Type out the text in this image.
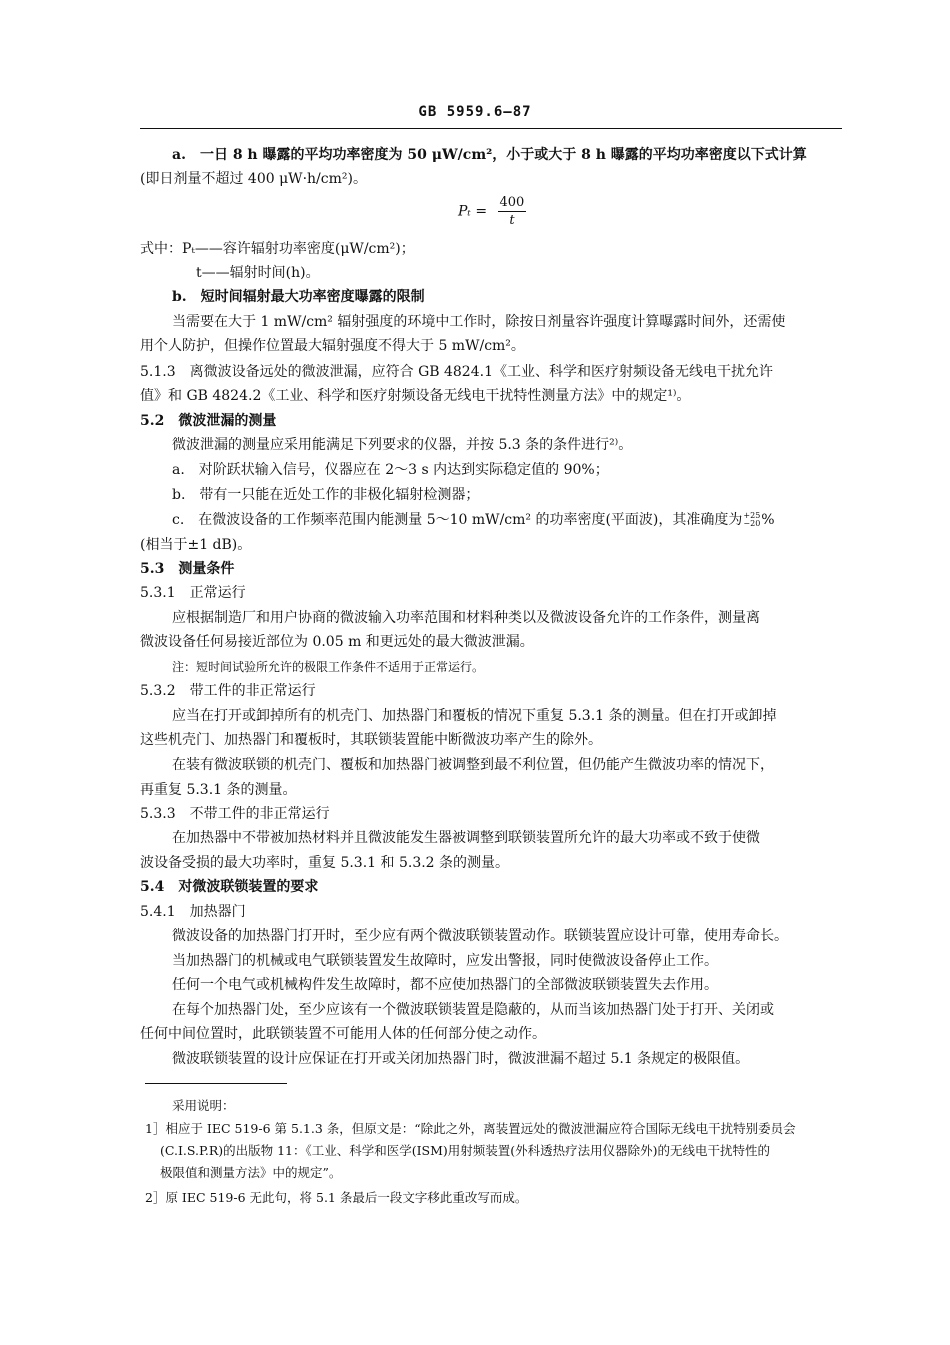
GB 5959.6—87
a.　一日 8 h 曝露的平均功率密度为 50 μW/cm²，小于或大于 8 h 曝露的平均功率密度以下式计算
(即日剂量不超过 400 μW·h/cm²)。
$P_t = \frac{400}{t}$
式中：Pₜ——容许辐射功率密度(μW/cm²)；
t——辐射时间(h)。
b.　短时间辐射最大功率密度曝露的限制
当需要在大于 1 mW/cm² 辐射强度的环境中工作时，除按日剂量容许强度计算曝露时间外，还需使
用个人防护，但操作位置最大辐射强度不得大于 5 mW/cm²。
5.1.3　离微波设备远处的微波泄漏，应符合 GB 4824.1《工业、科学和医疗射频设备无线电干扰允许
值》和 GB 4824.2《工业、科学和医疗射频设备无线电干扰特性测量方法》中的规定¹⁾。
5.2　微波泄漏的测量
微波泄漏的测量应采用能满足下列要求的仪器，并按 5.3 条的条件进行²⁾。
a.　对阶跃状输入信号，仪器应在 2～3 s 内达到实际稳定值的 90%；
b.　带有一只能在近处工作的非极化辐射检测器；
c.　在微波设备的工作频率范围内能测量 5～10 mW/cm² 的功率密度(平面波)，其准确度为 +25
−20 %
(相当于±1 dB)。
5.3　测量条件
5.3.1　正常运行
应根据制造厂和用户协商的微波输入功率范围和材料种类以及微波设备允许的工作条件，测量离
微波设备任何易接近部位为 0.05 m 和更远处的最大微波泄漏。
注：短时间试验所允许的极限工作条件不适用于正常运行。
5.3.2　带工件的非正常运行
应当在打开或卸掉所有的机壳门、加热器门和覆板的情况下重复 5.3.1 条的测量。但在打开或卸掉
这些机壳门、加热器门和覆板时，其联锁装置能中断微波功率产生的除外。
在装有微波联锁的机壳门、覆板和加热器门被调整到最不利位置，但仍能产生微波功率的情况下，
再重复 5.3.1 条的测量。
5.3.3　不带工件的非正常运行
在加热器中不带被加热材料并且微波能发生器被调整到联锁装置所允许的最大功率或不致于使微
波设备受损的最大功率时，重复 5.3.1 和 5.3.2 条的测量。
5.4　对微波联锁装置的要求
5.4.1　加热器门
微波设备的加热器门打开时，至少应有两个微波联锁装置动作。联锁装置应设计可靠，使用寿命长。
当加热器门的机械或电气联锁装置发生故障时，应发出警报，同时使微波设备停止工作。
任何一个电气或机械构件发生故障时，都不应使加热器门的全部微波联锁装置失去作用。
在每个加热器门处，至少应该有一个微波联锁装置是隐蔽的，从而当该加热器门处于打开、关闭或
任何中间位置时，此联锁装置不可能用人体的任何部分使之动作。
微波联锁装置的设计应保证在打开或关闭加热器门时，微波泄漏不超过 5.1 条规定的极限值。
采用说明：
1］相应于 IEC 519-6 第 5.1.3 条，但原文是：“除此之外，离装置远处的微波泄漏应符合国际无线电干扰特别委员会
(C.I.S.P.R)的出版物 11：《工业、科学和医学(ISM)用射频装置(外科透热疗法用仪器除外)的无线电干扰特性的
极限值和测量方法》中的规定”。
2］原 IEC 519-6 无此句，将 5.1 条最后一段文字移此重改写而成。
